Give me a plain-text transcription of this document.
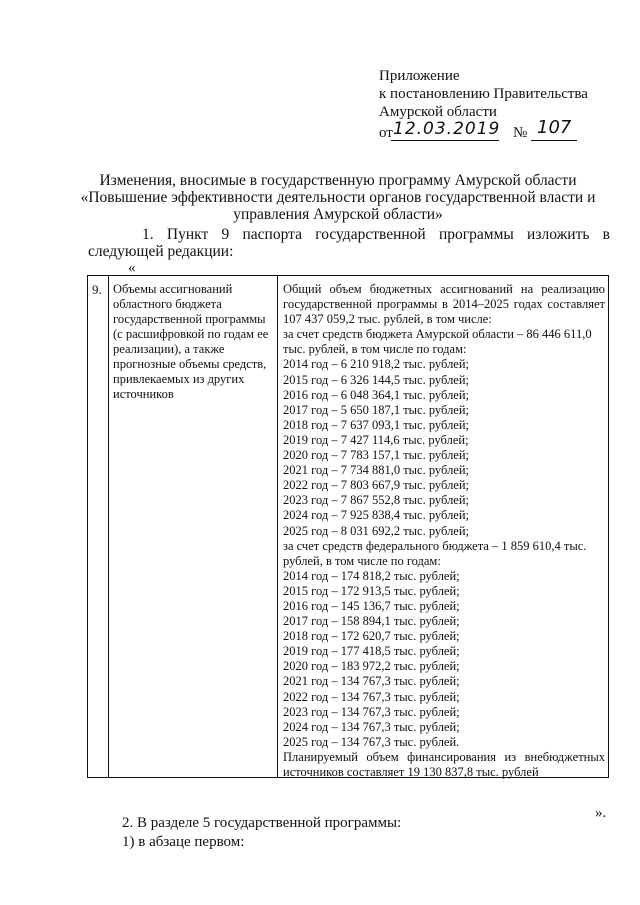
Приложение
к постановлению Правительства
Амурской области
от 12.03.2019 № 107
Изменения, вносимые в государственную программу Амурской области
«Повышение эффективности деятельности органов государственной власти и
управления Амурской области»
1. Пункт 9 паспорта государственной программы изложить в следующей редакции:
«
9. Объемы ассигнований областного бюджета государственной программы (с расшифровкой по годам ее реализации), а также прогнозные объемы средств, привлекаемых из других источников
Общий объем бюджетных ассигнований на реализацию государственной программы в 2014–2025 годах составляет 107 437 059,2 тыс. рублей, в том числе:
за счет средств бюджета Амурской области – 86 446 611,0 тыс. рублей, в том числе по годам:
2014 год – 6 210 918,2 тыс. рублей;
2015 год – 6 326 144,5 тыс. рублей;
2016 год – 6 048 364,1 тыс. рублей;
2017 год – 5 650 187,1 тыс. рублей;
2018 год – 7 637 093,1 тыс. рублей;
2019 год – 7 427 114,6 тыс. рублей;
2020 год – 7 783 157,1 тыс. рублей;
2021 год – 7 734 881,0 тыс. рублей;
2022 год – 7 803 667,9 тыс. рублей;
2023 год – 7 867 552,8 тыс. рублей;
2024 год – 7 925 838,4 тыс. рублей;
2025 год – 8 031 692,2 тыс. рублей;
за счет средств федерального бюджета – 1 859 610,4 тыс. рублей, в том числе по годам:
2014 год – 174 818,2 тыс. рублей;
2015 год – 172 913,5 тыс. рублей;
2016 год – 145 136,7 тыс. рублей;
2017 год – 158 894,1 тыс. рублей;
2018 год – 172 620,7 тыс. рублей;
2019 год – 177 418,5 тыс. рублей;
2020 год – 183 972,2 тыс. рублей;
2021 год – 134 767,3 тыс. рублей;
2022 год – 134 767,3 тыс. рублей;
2023 год – 134 767,3 тыс. рублей;
2024 год – 134 767,3 тыс. рублей;
2025 год – 134 767,3 тыс. рублей.
Планируемый объем финансирования из внебюджетных источников составляет 19 130 837,8 тыс. рублей
».
2. В разделе 5 государственной программы:
1) в абзаце первом:
